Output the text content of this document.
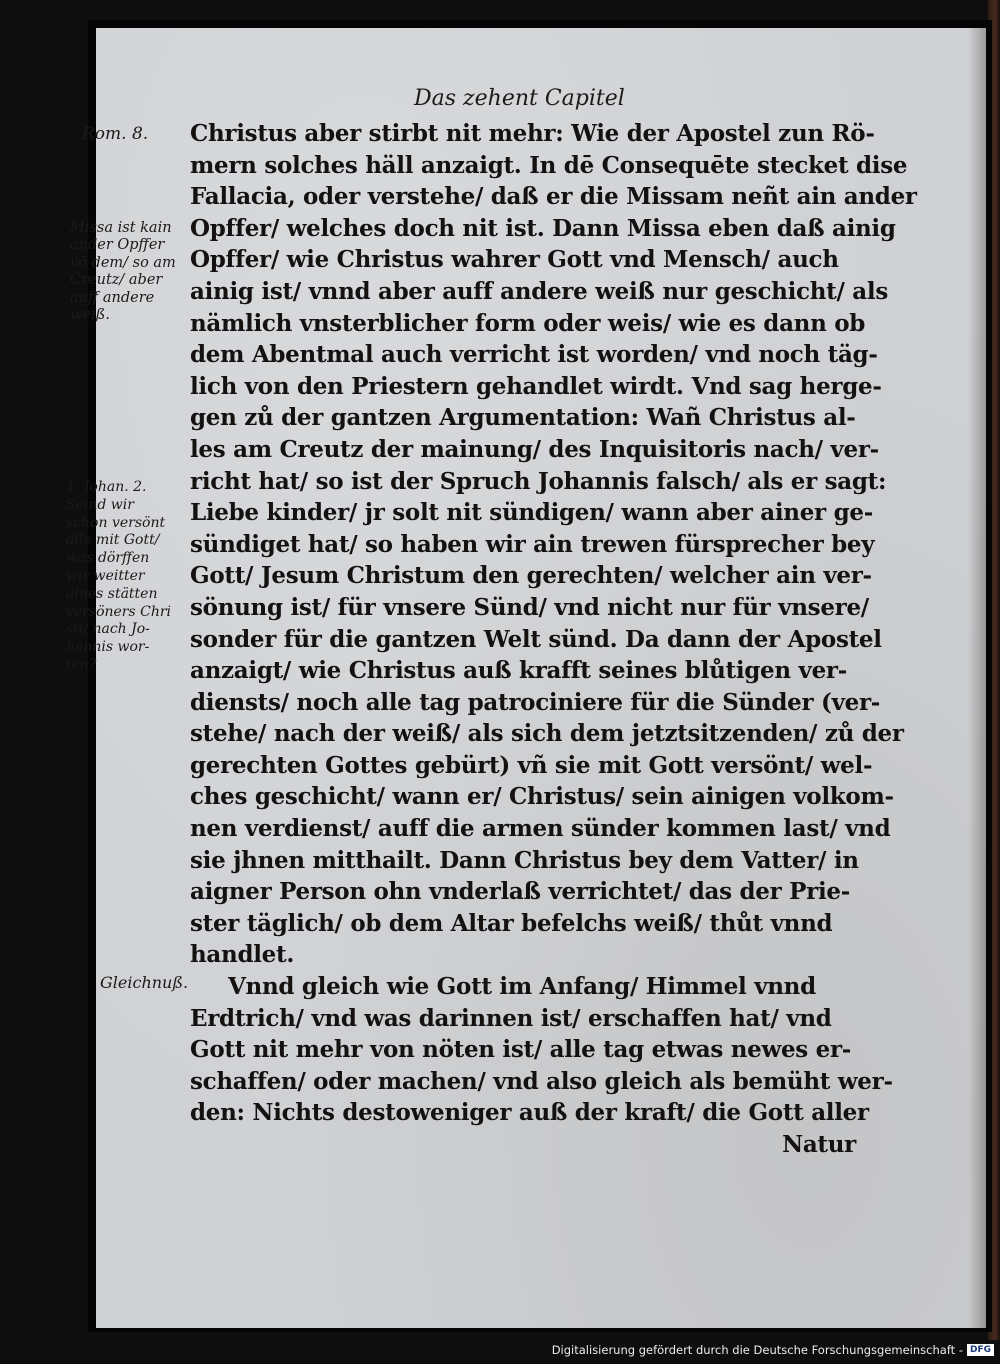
Das zehent Capitel
Rom. 8.
Missa ist kain
ander Opffer
vō dem/ so am
Creutz/ aber
auff andere
weiß.
1. Johan. 2.
Seind wir
schon versönt
alle mit Gott/
was dörffen
wir weitter
aines stätten
versöners Chri
sti/ nach Jo-
hannis wor-
ten?
Gleichnuß.
Christus aber stirbt nit mehr: Wie der Apostel zun Rö-
mern solches häll anzaigt. In dē Consequēte stecket dise
Fallacia, oder verstehe/ daß er die Missam neñt ain ander
Opffer/ welches doch nit ist. Dann Missa eben daß ainig
Opffer/ wie Christus wahrer Gott vnd Mensch/ auch
ainig ist/ vnnd aber auff andere weiß nur geschicht/ als
nämlich vnsterblicher form oder weis/ wie es dann ob
dem Abentmal auch verricht ist worden/ vnd noch täg-
lich von den Priestern gehandlet wirdt. Vnd sag herge-
gen zů der gantzen Argumentation: Wañ Christus al-
les am Creutz der mainung/ des Inquisitoris nach/ ver-
richt hat/ so ist der Spruch Johannis falsch/ als er sagt:
Liebe kinder/ jr solt nit sündigen/ wann aber ainer ge-
sündiget hat/ so haben wir ain trewen fürsprecher bey
Gott/ Jesum Christum den gerechten/ welcher ain ver-
sönung ist/ für vnsere Sünd/ vnd nicht nur für vnsere/
sonder für die gantzen Welt sünd. Da dann der Apostel
anzaigt/ wie Christus auß krafft seines blůtigen ver-
diensts/ noch alle tag patrociniere für die Sünder (ver-
stehe/ nach der weiß/ als sich dem jetztsitzenden/ zů der
gerechten Gottes gebürt) vñ sie mit Gott versönt/ wel-
ches geschicht/ wann er/ Christus/ sein ainigen volkom-
nen verdienst/ auff die armen sünder kommen last/ vnd
sie jhnen mitthailt. Dann Christus bey dem Vatter/ in
aigner Person ohn vnderlaß verrichtet/ das der Prie-
ster täglich/ ob dem Altar befelchs weiß/ thůt vnnd
handlet.
Vnnd gleich wie Gott im Anfang/ Himmel vnnd
Erdtrich/ vnd was darinnen ist/ erschaffen hat/ vnd
Gott nit mehr von nöten ist/ alle tag etwas newes er-
schaffen/ oder machen/ vnd also gleich als bemüht wer-
den: Nichts destoweniger auß der kraft/ die Gott aller
Natur
Digitalisierung gefördert durch die Deutsche Forschungsgemeinschaft - DFG
